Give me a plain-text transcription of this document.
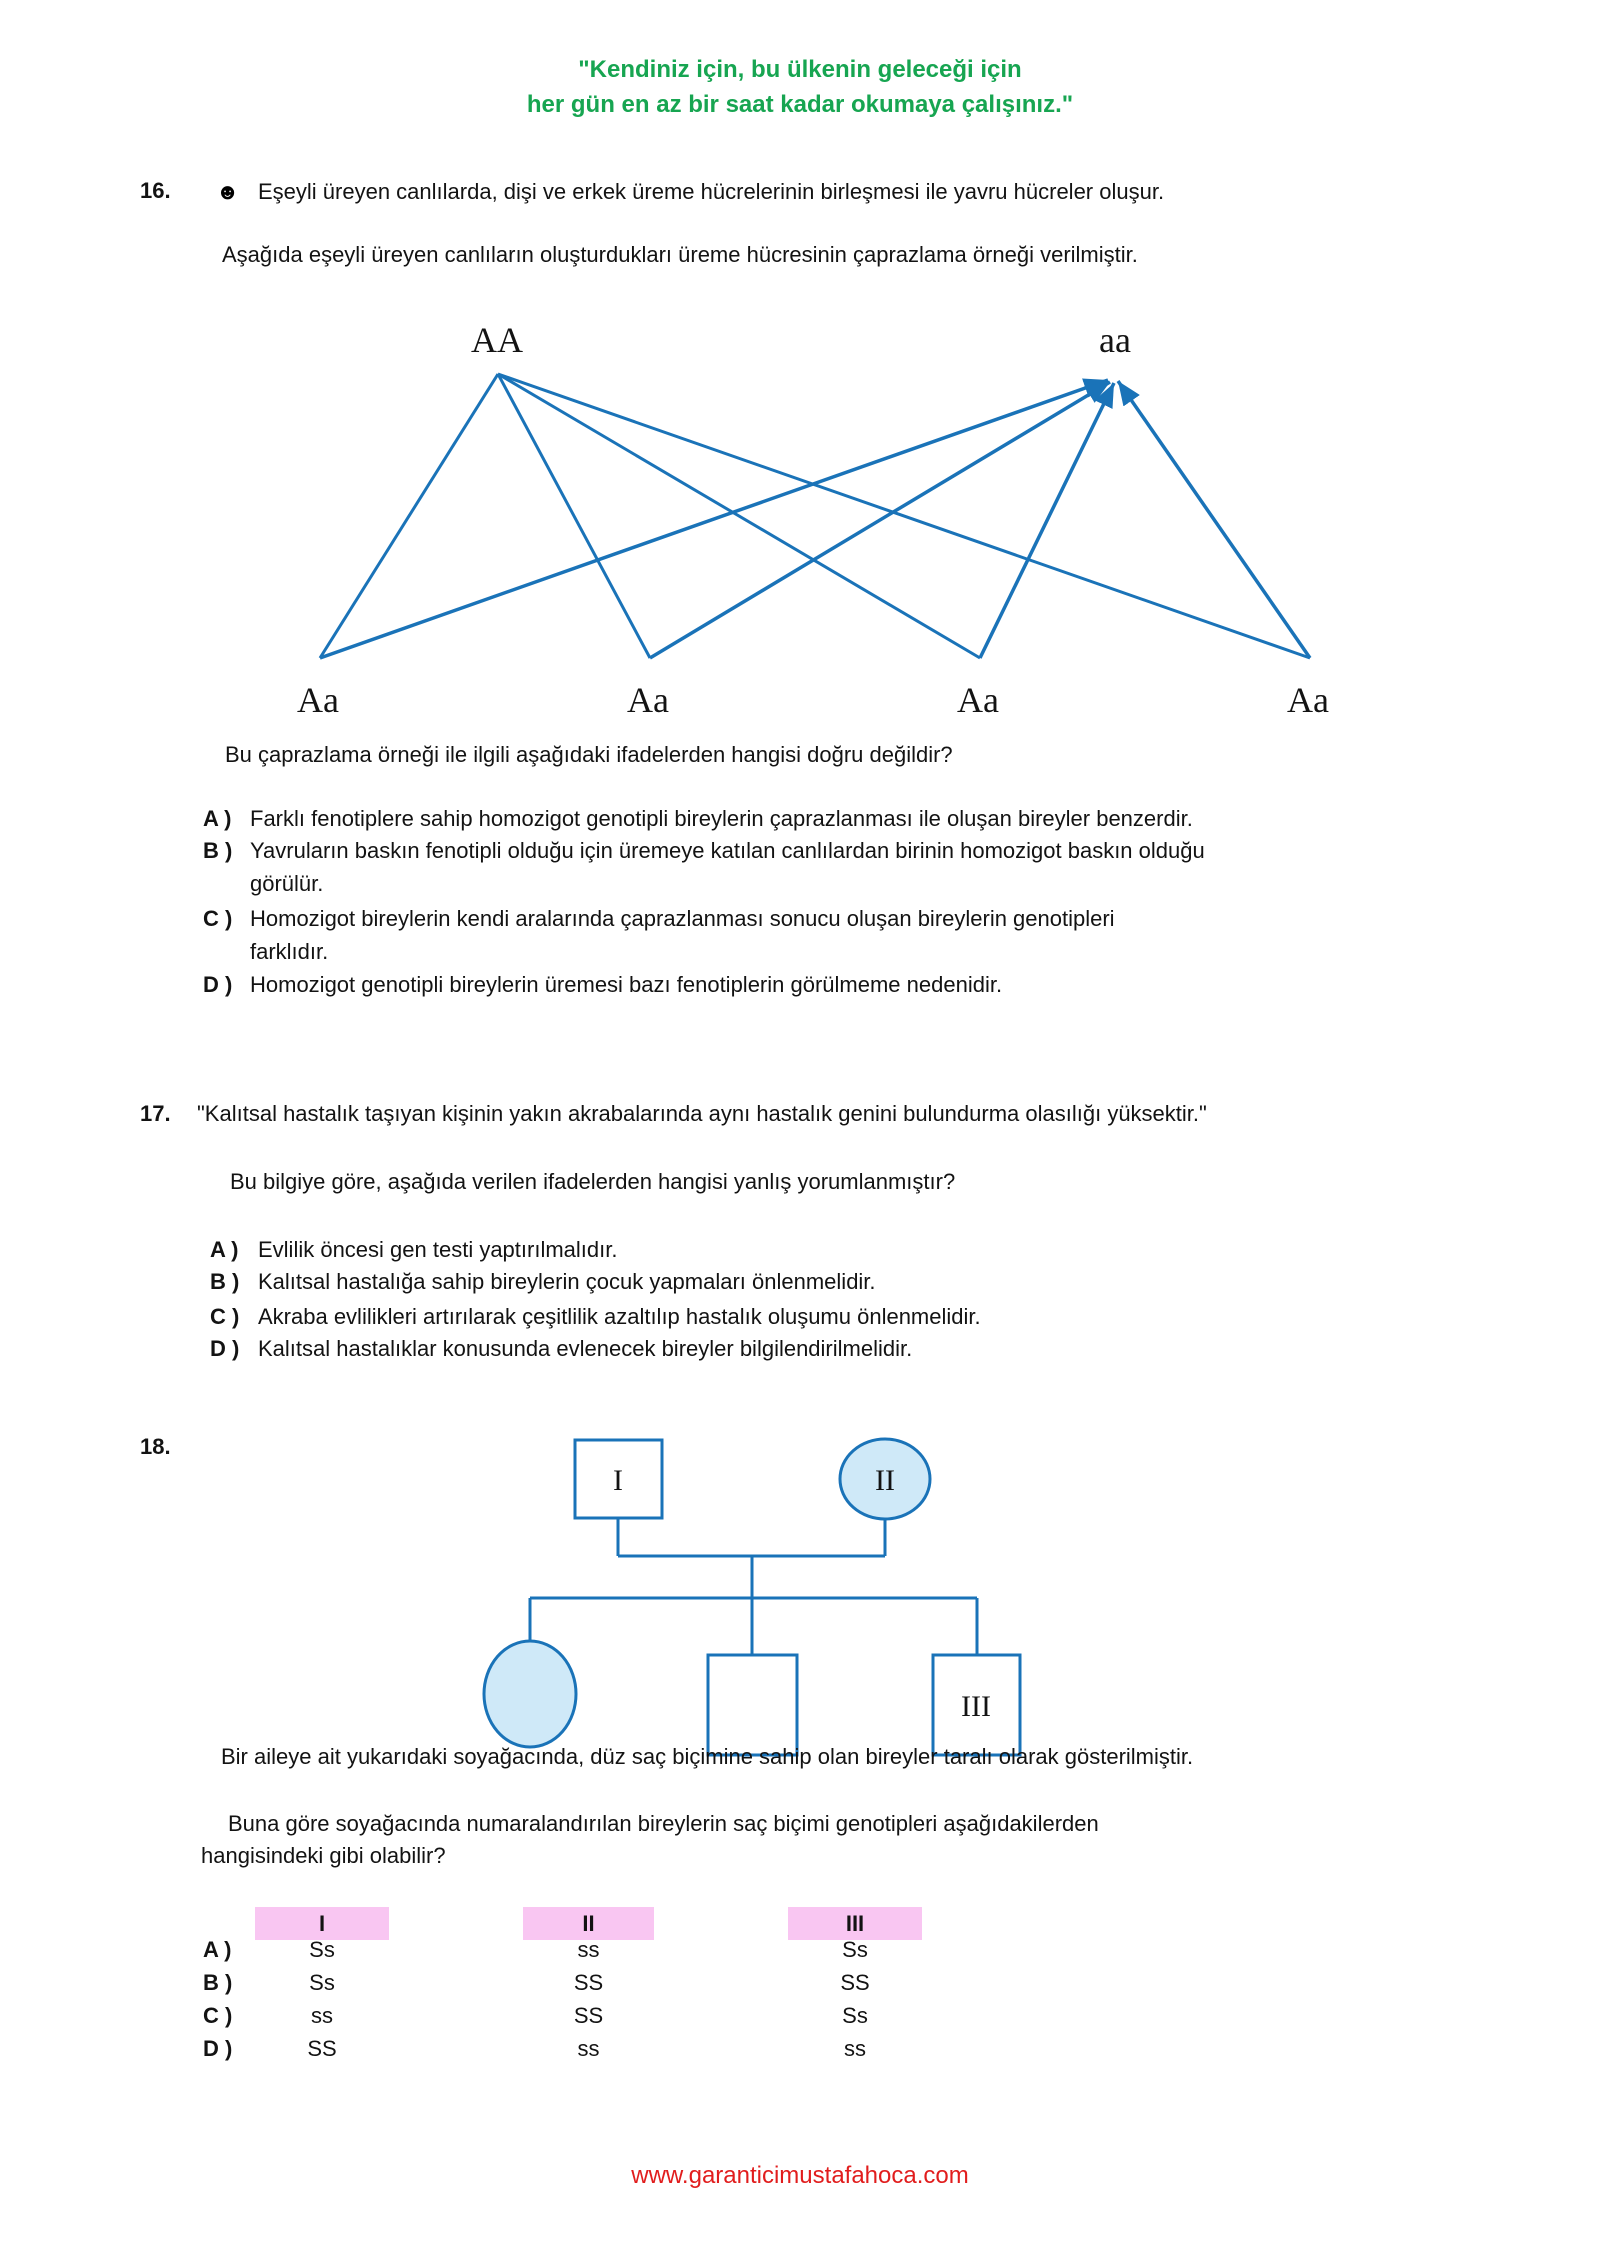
"Kendiniz için, bu ülkenin geleceği için
her gün en az bir saat kadar okumaya çalışınız."
16. ☻ Eşeyli üreyen canlılarda, dişi ve erkek üreme hücrelerinin birleşmesi ile yavru hücreler oluşur.
Aşağıda eşeyli üreyen canlıların oluşturdukları üreme hücresinin çaprazlama örneği verilmiştir.
AA	aa
Aa	Aa	Aa	Aa
Bu çaprazlama örneği ile ilgili aşağıdaki ifadelerden hangisi doğru değildir?
A ) Farklı fenotiplere sahip homozigot genotipli bireylerin çaprazlanması ile oluşan bireyler benzerdir.
B ) Yavruların baskın fenotipli olduğu için üremeye katılan canlılardan birinin homozigot baskın olduğu
görülür.
C ) Homozigot bireylerin kendi aralarında çaprazlanması sonucu oluşan bireylerin genotipleri
farklıdır.
D ) Homozigot genotipli bireylerin üremesi bazı fenotiplerin görülmeme nedenidir.
17. "Kalıtsal hastalık taşıyan kişinin yakın akrabalarında aynı hastalık genini bulundurma olasılığı yüksektir."
Bu bilgiye göre, aşağıda verilen ifadelerden hangisi yanlış yorumlanmıştır?
A ) Evlilik öncesi gen testi yaptırılmalıdır.
B ) Kalıtsal hastalığa sahip bireylerin çocuk yapmaları önlenmelidir.
C ) Akraba evlilikleri artırılarak çeşitlilik azaltılıp hastalık oluşumu önlenmelidir.
D ) Kalıtsal hastalıklar konusunda evlenecek bireyler bilgilendirilmelidir.
18.
I	II
III
Bir aileye ait yukarıdaki soyağacında, düz saç biçimine sahip olan bireyler taralı olarak gösterilmiştir.
Buna göre soyağacında numaralandırılan bireylerin saç biçimi genotipleri aşağıdakilerden
hangisindeki gibi olabilir?
I	II	III
A )	Ss	ss	Ss
B )	Ss	SS	SS
C )	ss	SS	Ss
D )	SS	ss	ss
www.garanticimustafahoca.com
